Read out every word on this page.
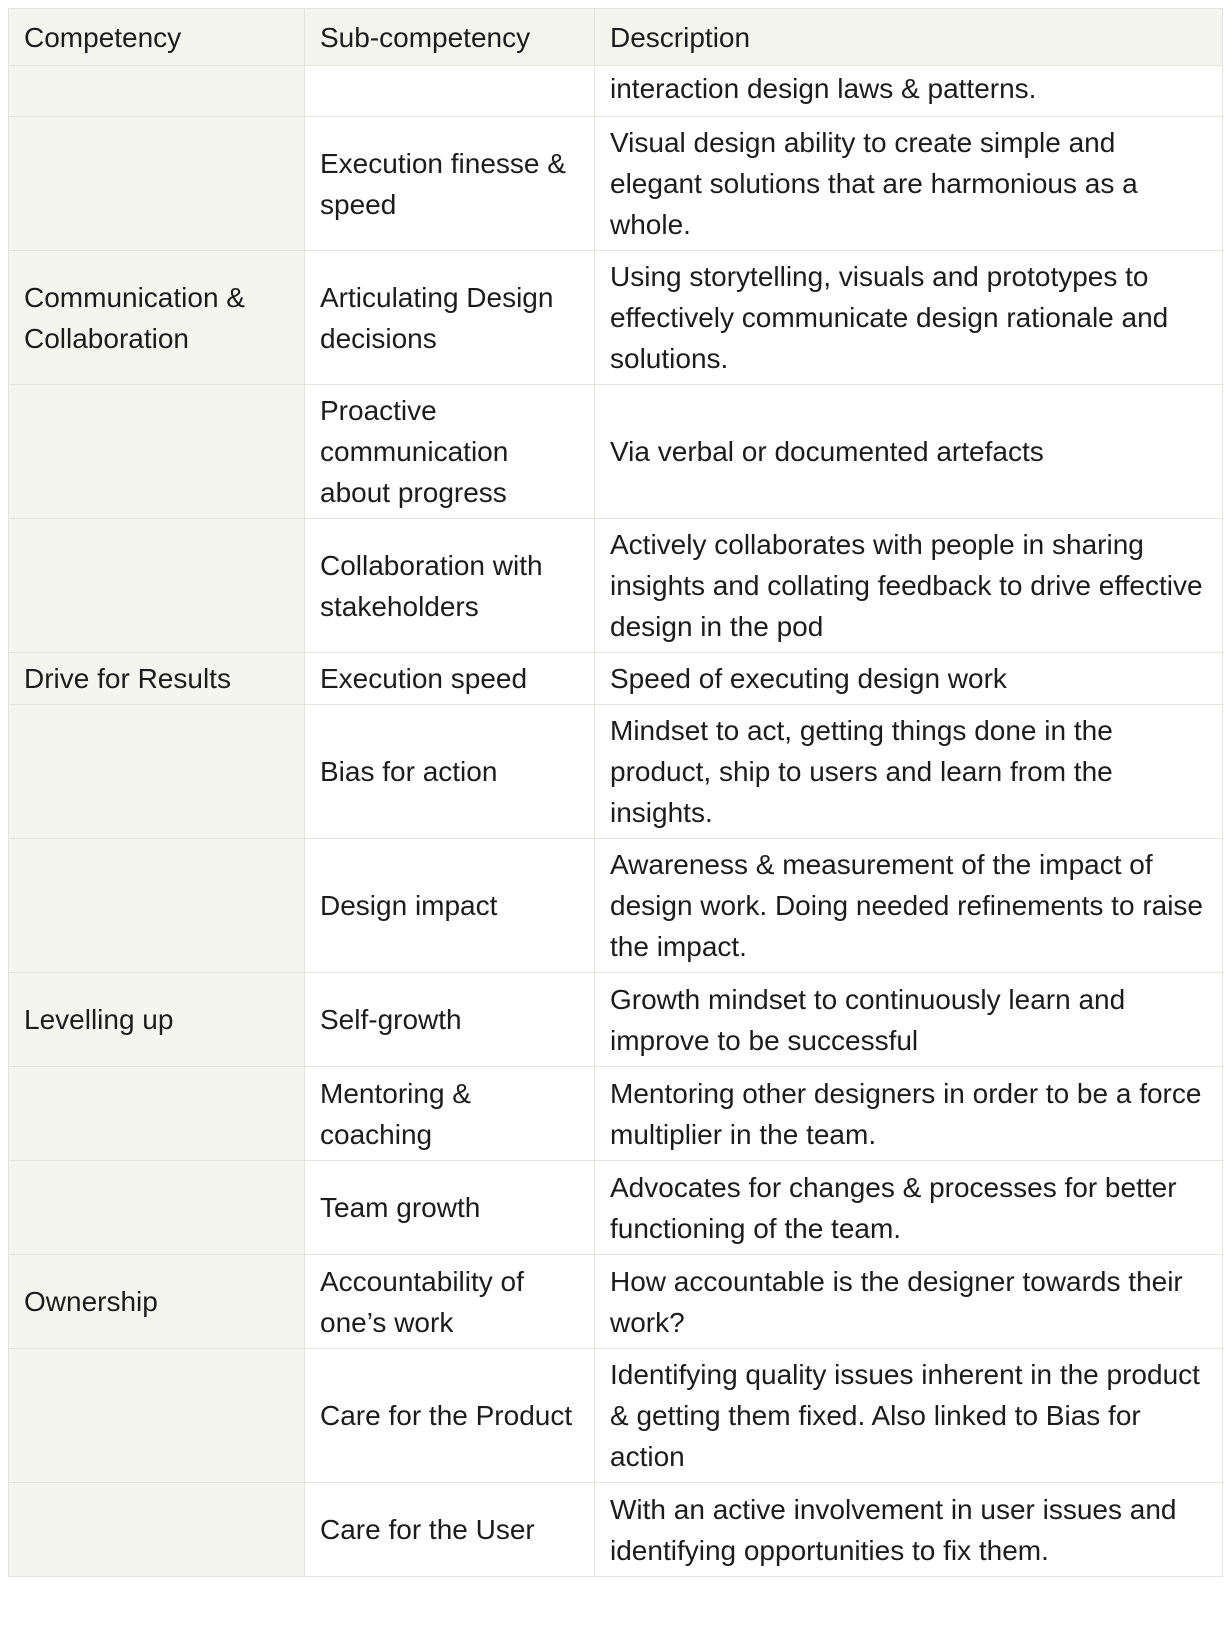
Competency	Sub-competency	Description
		interaction design laws & patterns.
	Execution finesse & speed	Visual design ability to create simple and elegant solutions that are harmonious as a whole.
Communication & Collaboration	Articulating Design decisions	Using storytelling, visuals and prototypes to effectively communicate design rationale and solutions.
	Proactive communication about progress	Via verbal or documented artefacts
	Collaboration with stakeholders	Actively collaborates with people in sharing insights and collating feedback to drive effective design in the pod
Drive for Results	Execution speed	Speed of executing design work
	Bias for action	Mindset to act, getting things done in the product, ship to users and learn from the insights.
	Design impact	Awareness & measurement of the impact of design work. Doing needed refinements to raise the impact.
Levelling up	Self-growth	Growth mindset to continuously learn and improve to be successful
	Mentoring & coaching	Mentoring other designers in order to be a force multiplier in the team.
	Team growth	Advocates for changes & processes for better functioning of the team.
Ownership	Accountability of one’s work	How accountable is the designer towards their work?
	Care for the Product	Identifying quality issues inherent in the product & getting them fixed. Also linked to Bias for action
	Care for the User	With an active involvement in user issues and identifying opportunities to fix them.
